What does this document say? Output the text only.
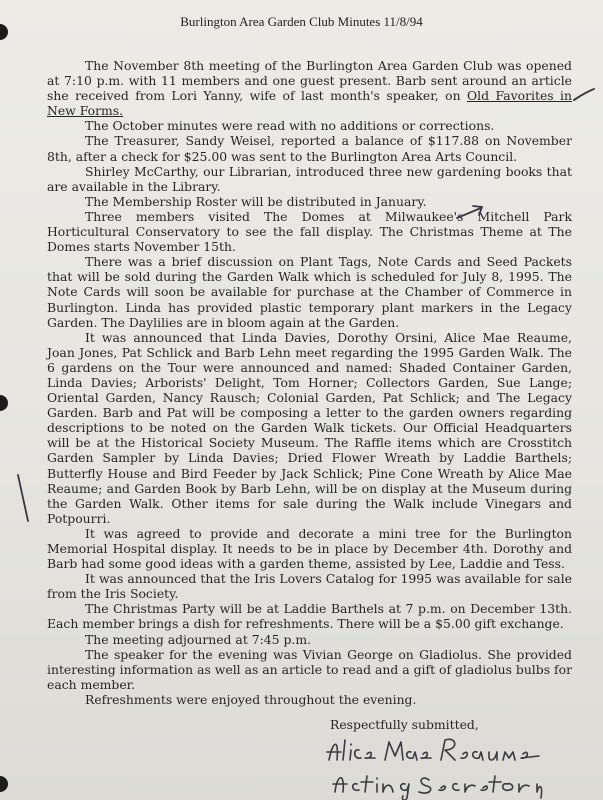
Burlington Area Garden Club Minutes 11/8/94

The November 8th meeting of the Burlington Area Garden Club was opened at 7:10 p.m. with 11 members and one guest present. Barb sent around an article she received from Lori Yanny, wife of last month's speaker, on Old Favorites in New Forms.

The October minutes were read with no additions or corrections.

The Treasurer, Sandy Weisel, reported a balance of $117.88 on November 8th, after a check for $25.00 was sent to the Burlington Area Arts Council.

Shirley McCarthy, our Librarian, introduced three new gardening books that are available in the Library.

The Membership Roster will be distributed in January.

Three members visited The Domes at Milwaukee's Mitchell Park Horticultural Conservatory to see the fall display. The Christmas Theme at The Domes starts November 15th.

There was a brief discussion on Plant Tags, Note Cards and Seed Packets that will be sold during the Garden Walk which is scheduled for July 8, 1995. The Note Cards will soon be available for purchase at the Chamber of Commerce in Burlington. Linda has provided plastic temporary plant markers in the Legacy Garden. The Daylilies are in bloom again at the Garden.

It was announced that Linda Davies, Dorothy Orsini, Alice Mae Reaume, Joan Jones, Pat Schlick and Barb Lehn meet regarding the 1995 Garden Walk. The 6 gardens on the Tour were announced and named: Shaded Container Garden, Linda Davies; Arborists' Delight, Tom Horner; Collectors Garden, Sue Lange; Oriental Garden, Nancy Rausch; Colonial Garden, Pat Schlick; and The Legacy Garden. Barb and Pat will be composing a letter to the garden owners regarding descriptions to be noted on the Garden Walk tickets. Our Official Headquarters will be at the Historical Society Museum. The Raffle items which are Crosstitch Garden Sampler by Linda Davies; Dried Flower Wreath by Laddie Barthels; Butterfly House and Bird Feeder by Jack Schlick; Pine Cone Wreath by Alice Mae Reaume; and Garden Book by Barb Lehn, will be on display at the Museum during the Garden Walk. Other items for sale during the Walk include Vinegars and Potpourri.

It was agreed to provide and decorate a mini tree for the Burlington Memorial Hospital display. It needs to be in place by December 4th. Dorothy and Barb had some good ideas with a garden theme, assisted by Lee, Laddie and Tess.

It was announced that the Iris Lovers Catalog for 1995 was available for sale from the Iris Society.

The Christmas Party will be at Laddie Barthels at 7 p.m. on December 13th. Each member brings a dish for refreshments. There will be a $5.00 gift exchange.

The meeting adjourned at 7:45 p.m.

The speaker for the evening was Vivian George on Gladiolus. She provided interesting information as well as an article to read and a gift of gladiolus bulbs for each member.

Refreshments were enjoyed throughout the evening.

Respectfully submitted,
